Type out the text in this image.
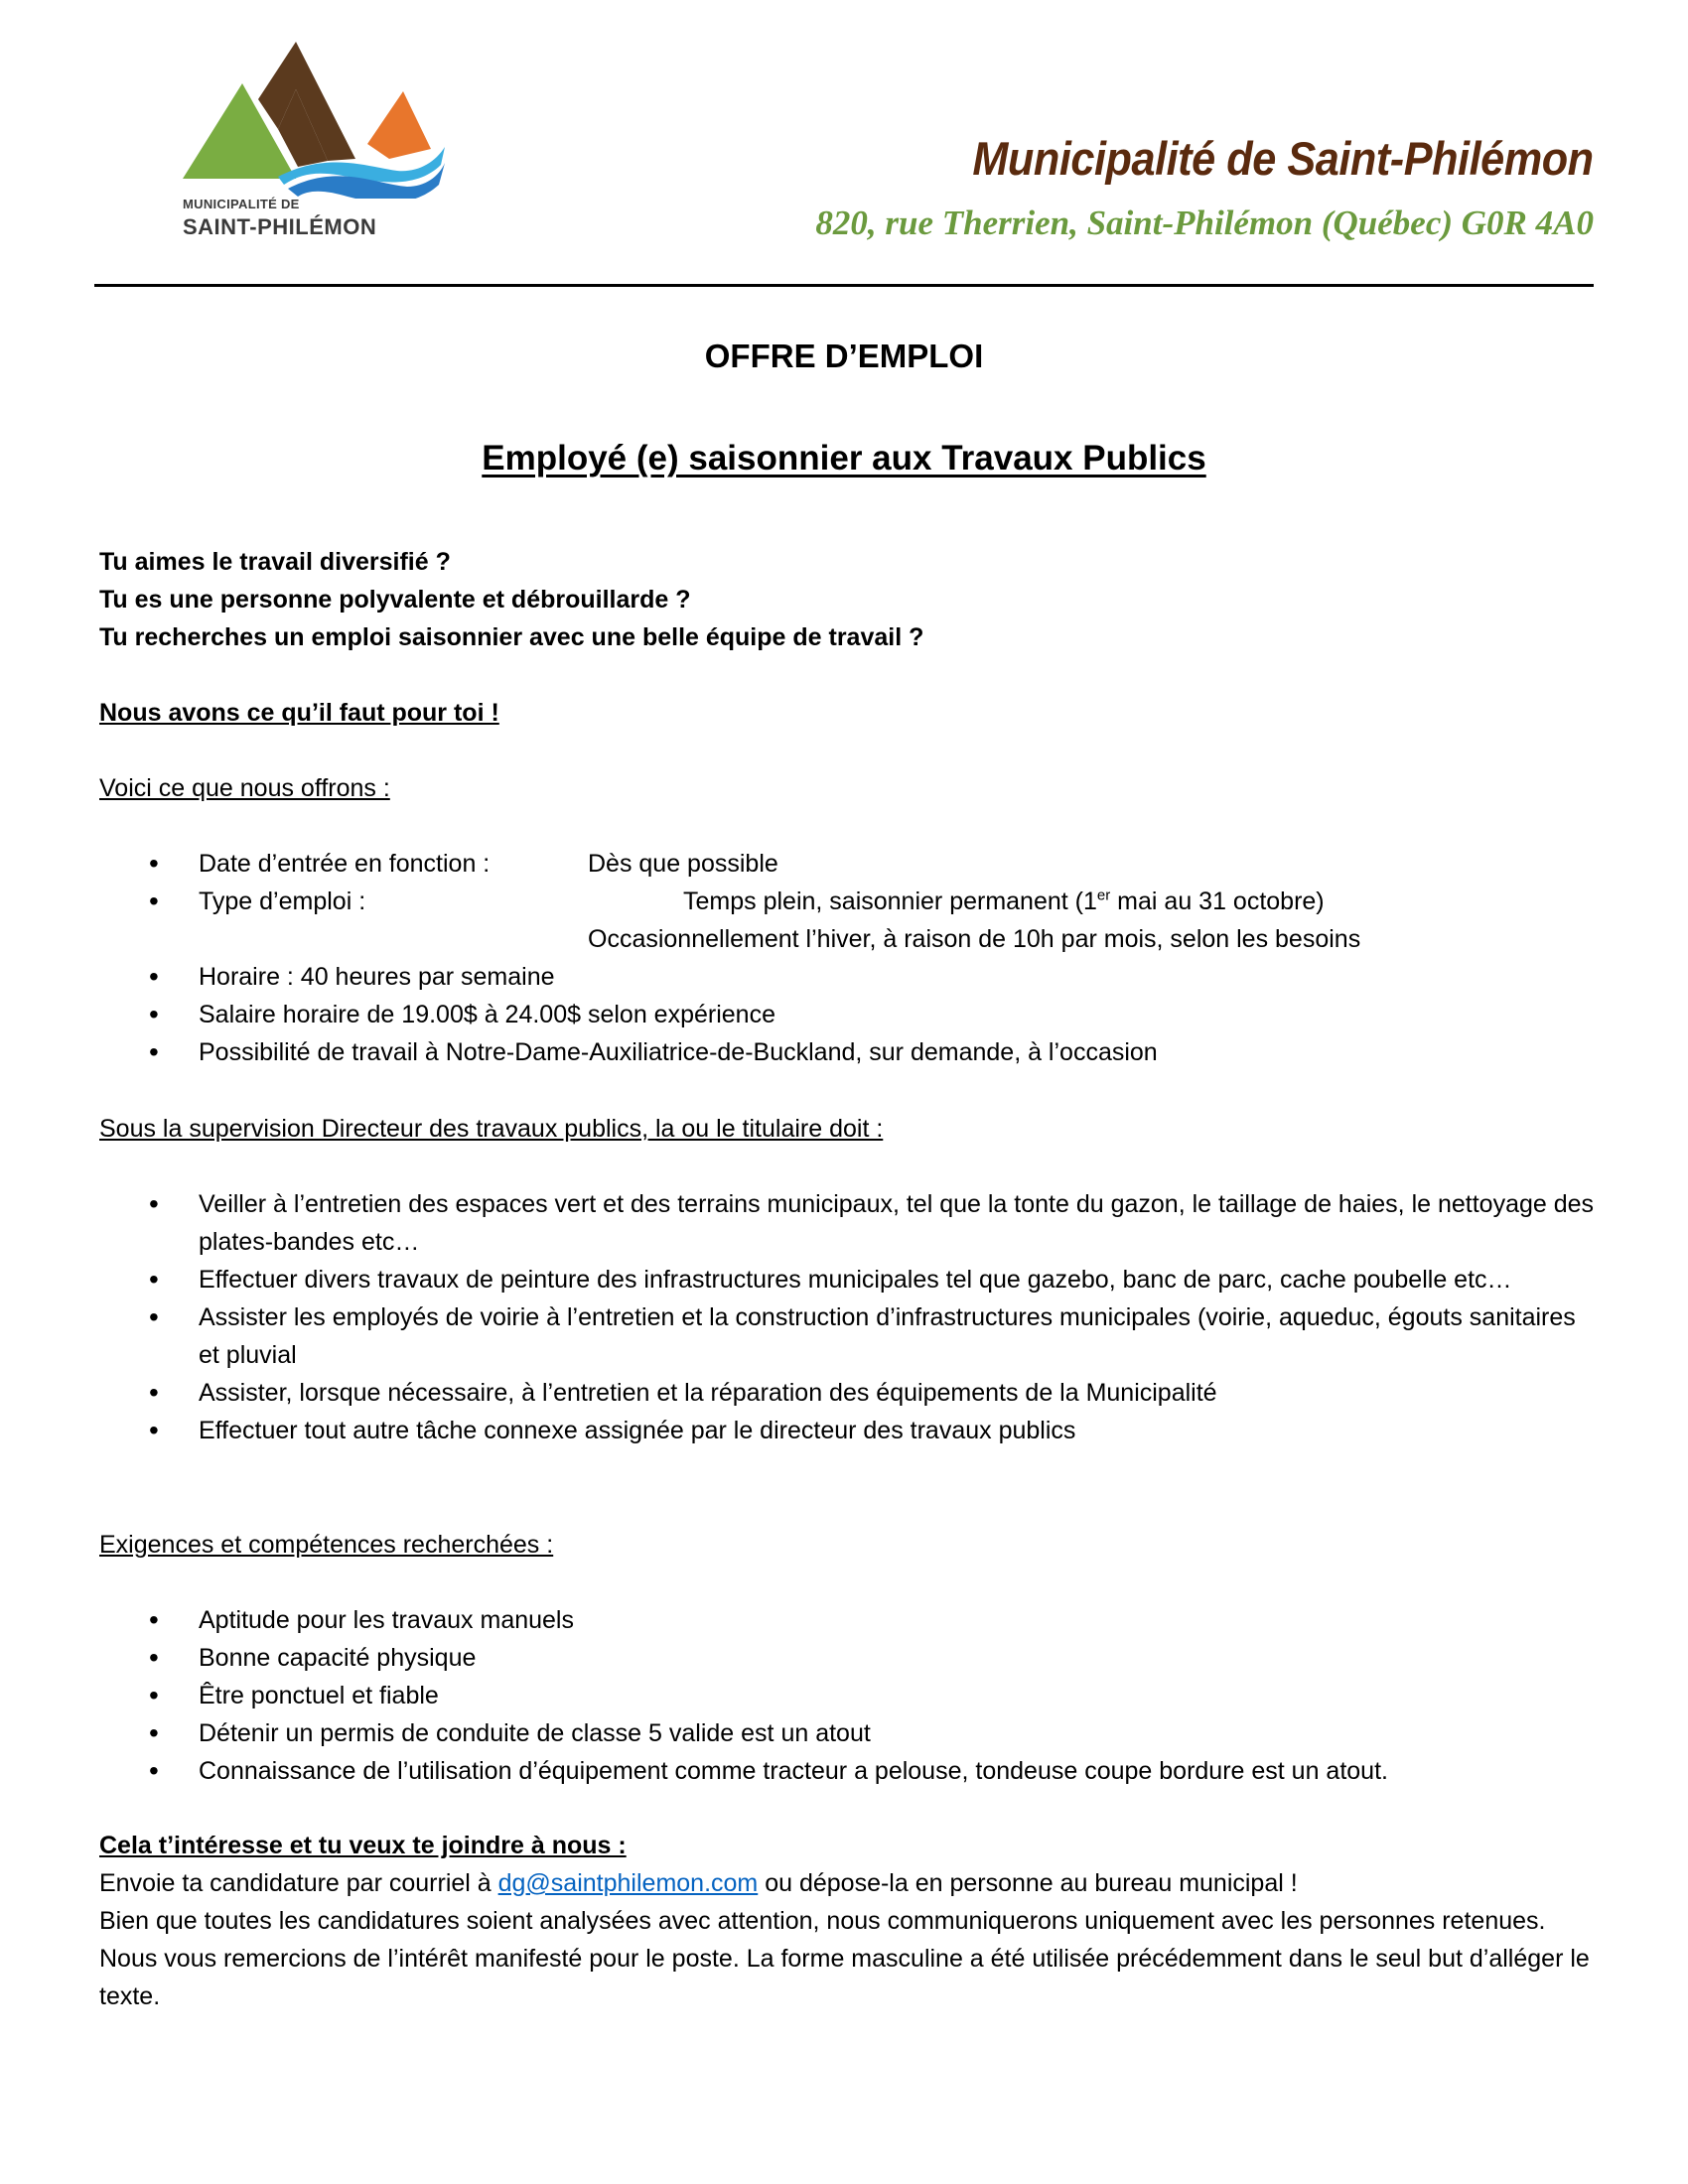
MUNICIPALITÉ DE
SAINT-PHILÉMON
Municipalité de Saint-Philémon
820, rue Therrien, Saint-Philémon (Québec) G0R 4A0
OFFRE D’EMPLOI
Employé (e) saisonnier aux Travaux Publics
Tu aimes le travail diversifié ?
Tu es une personne polyvalente et débrouillarde ?
Tu recherches un emploi saisonnier avec une belle équipe de travail ?
Nous avons ce qu’il faut pour toi !
Voici ce que nous offrons :
• Date d’entrée en fonction :	Dès que possible
• Type d’emploi :	Temps plein, saisonnier permanent (1er mai au 31 octobre)
Occasionnellement l’hiver, à raison de 10h par mois, selon les besoins
• Horaire : 40 heures par semaine
• Salaire horaire de 19.00$ à 24.00$ selon expérience
• Possibilité de travail à Notre-Dame-Auxiliatrice-de-Buckland, sur demande, à l’occasion
Sous la supervision Directeur des travaux publics, la ou le titulaire doit :
• Veiller à l’entretien des espaces vert et des terrains municipaux, tel que la tonte du gazon, le taillage de haies, le nettoyage des plates-bandes etc…
• Effectuer divers travaux de peinture des infrastructures municipales tel que gazebo, banc de parc, cache poubelle etc…
• Assister les employés de voirie à l’entretien et la construction d’infrastructures municipales (voirie, aqueduc, égouts sanitaires et pluvial
• Assister, lorsque nécessaire, à l’entretien et la réparation des équipements de la Municipalité
• Effectuer tout autre tâche connexe assignée par le directeur des travaux publics
Exigences et compétences recherchées :
• Aptitude pour les travaux manuels
• Bonne capacité physique
• Être ponctuel et fiable
• Détenir un permis de conduite de classe 5 valide est un atout
• Connaissance de l’utilisation d’équipement comme tracteur a pelouse, tondeuse coupe bordure est un atout.
Cela t’intéresse et tu veux te joindre à nous :
Envoie ta candidature par courriel à dg@saintphilemon.com ou dépose-la en personne au bureau municipal !
Bien que toutes les candidatures soient analysées avec attention, nous communiquerons uniquement avec les personnes retenues. Nous vous remercions de l’intérêt manifesté pour le poste. La forme masculine a été utilisée précédemment dans le seul but d’alléger le texte.
